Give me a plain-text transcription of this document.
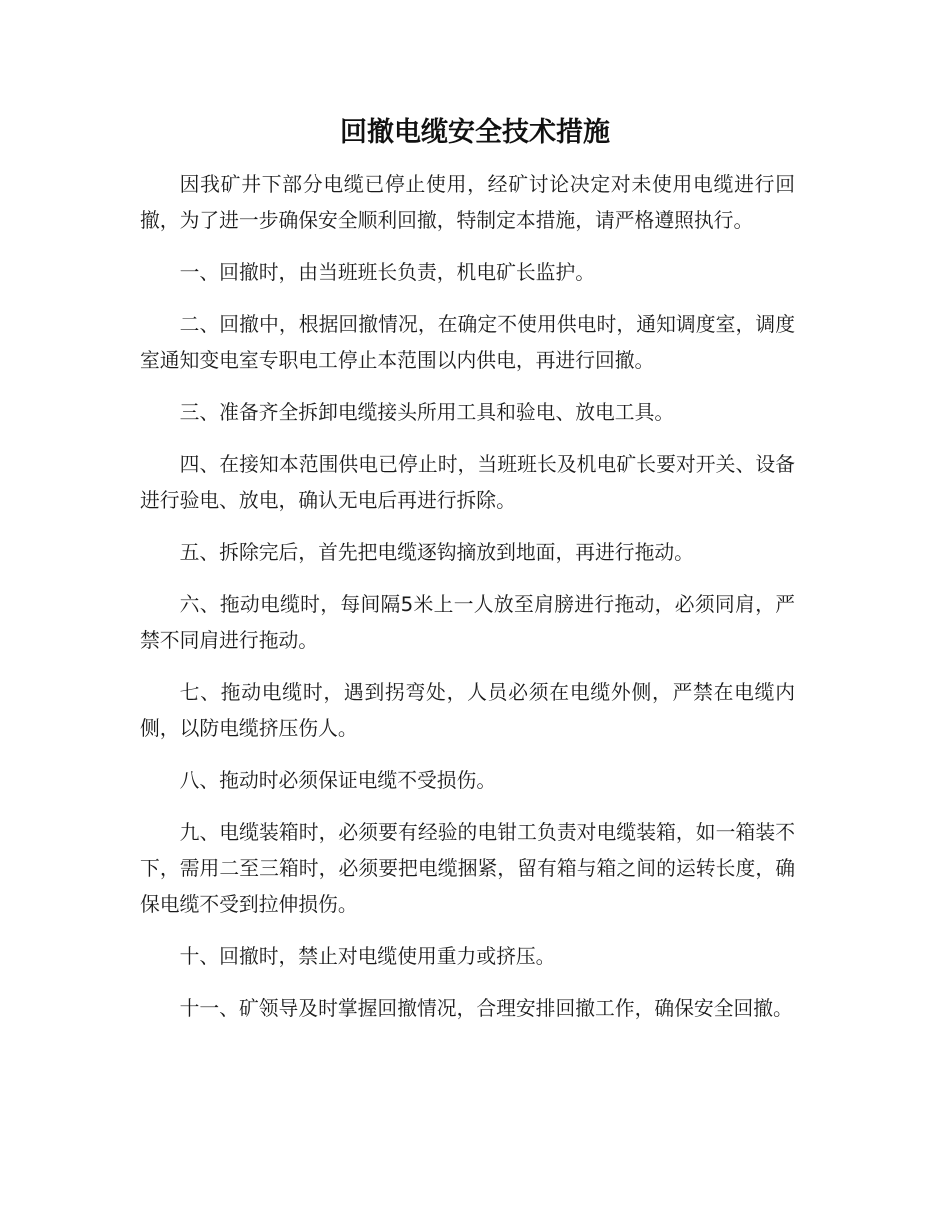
回撤电缆安全技术措施

因我矿井下部分电缆已停止使用，经矿讨论决定对未使用电缆进行回撤，为了进一步确保安全顺利回撤，特制定本措施，请严格遵照执行。

一、回撤时，由当班班长负责，机电矿长监护。

二、回撤中，根据回撤情况，在确定不使用供电时，通知调度室，调度室通知变电室专职电工停止本范围以内供电，再进行回撤。

三、准备齐全拆卸电缆接头所用工具和验电、放电工具。

四、在接知本范围供电已停止时，当班班长及机电矿长要对开关、设备进行验电、放电，确认无电后再进行拆除。

五、拆除完后，首先把电缆逐钩摘放到地面，再进行拖动。

六、拖动电缆时，每间隔5米上一人放至肩膀进行拖动，必须同肩，严禁不同肩进行拖动。

七、拖动电缆时，遇到拐弯处，人员必须在电缆外侧，严禁在电缆内侧，以防电缆挤压伤人。

八、拖动时必须保证电缆不受损伤。

九、电缆装箱时，必须要有经验的电钳工负责对电缆装箱，如一箱装不下，需用二至三箱时，必须要把电缆捆紧，留有箱与箱之间的运转长度，确保电缆不受到拉伸损伤。

十、回撤时，禁止对电缆使用重力或挤压。

十一、矿领导及时掌握回撤情况，合理安排回撤工作，确保安全回撤。
